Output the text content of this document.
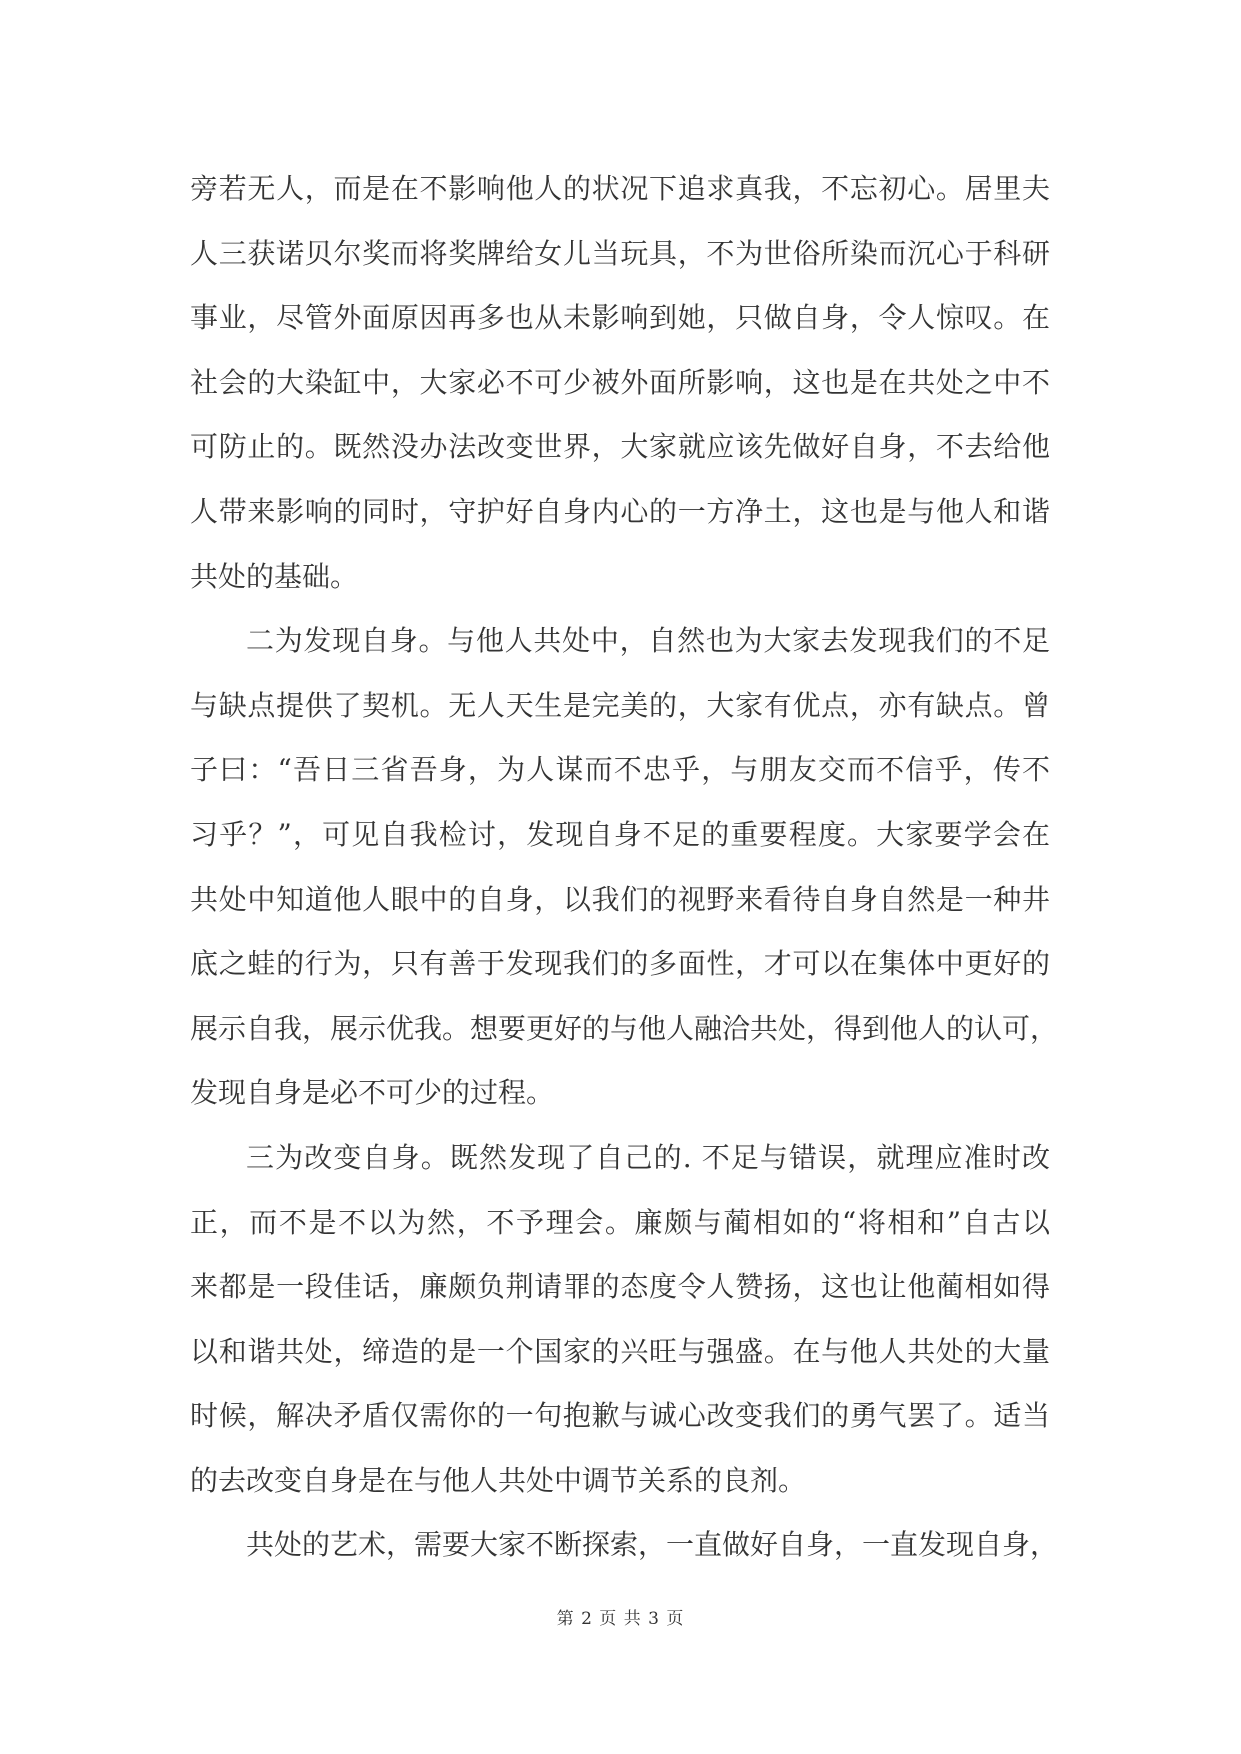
旁若无人，而是在不影响他人的状况下追求真我，不忘初心。居里夫
人三获诺贝尔奖而将奖牌给女儿当玩具，不为世俗所染而沉心于科研
事业，尽管外面原因再多也从未影响到她，只做自身，令人惊叹。在
社会的大染缸中，大家必不可少被外面所影响，这也是在共处之中不
可防止的。既然没办法改变世界，大家就应该先做好自身，不去给他
人带来影响的同时，守护好自身内心的一方净土，这也是与他人和谐
共处的基础。
二为发现自身。与他人共处中，自然也为大家去发现我们的不足
与缺点提供了契机。无人天生是完美的，大家有优点，亦有缺点。曾
子曰：“吾日三省吾身，为人谋而不忠乎，与朋友交而不信乎，传不
习乎？”，可见自我检讨，发现自身不足的重要程度。大家要学会在
共处中知道他人眼中的自身，以我们的视野来看待自身自然是一种井
底之蛙的行为，只有善于发现我们的多面性，才可以在集体中更好的
展示自我，展示优我。想要更好的与他人融洽共处，得到他人的认可，
发现自身是必不可少的过程。
三为改变自身。既然发现了自己的. 不足与错误，就理应准时改
正，而不是不以为然，不予理会。廉颇与蔺相如的“将相和”自古以
来都是一段佳话，廉颇负荆请罪的态度令人赞扬，这也让他蔺相如得
以和谐共处，缔造的是一个国家的兴旺与强盛。在与他人共处的大量
时候，解决矛盾仅需你的一句抱歉与诚心改变我们的勇气罢了。适当
的去改变自身是在与他人共处中调节关系的良剂。
共处的艺术，需要大家不断探索，一直做好自身，一直发现自身，
第 2 页 共 3 页
